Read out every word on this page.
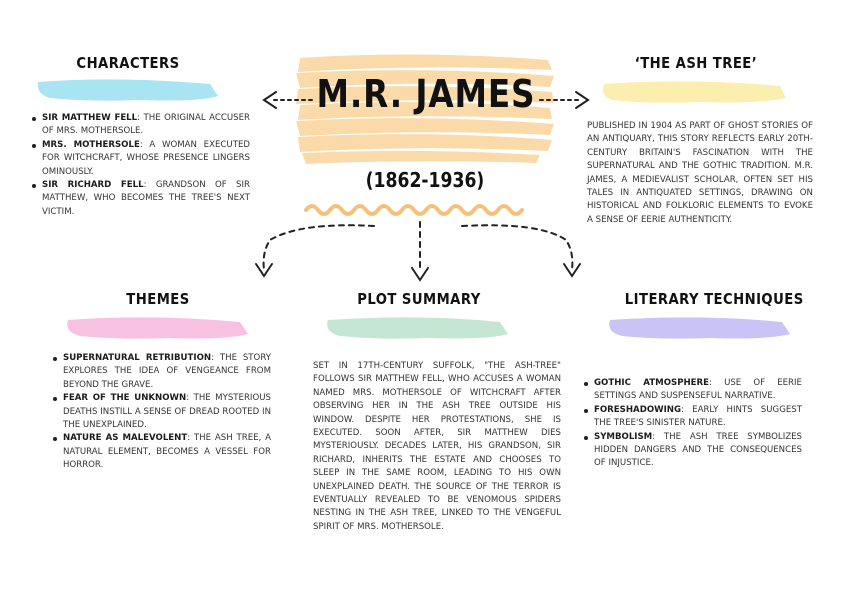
M.R. JAMES
(1862-1936)
CHARACTERS
SIR MATTHEW FELL: THE ORIGINAL ACCUSER OF MRS. MOTHERSOLE.
MRS. MOTHERSOLE: A WOMAN EXECUTED FOR WITCHCRAFT, WHOSE PRESENCE LINGERS OMINOUSLY.
SIR RICHARD FELL: GRANDSON OF SIR MATTHEW, WHO BECOMES THE TREE'S NEXT VICTIM.
‘THE ASH TREE’

PUBLISHED IN 1904 AS PART OF GHOST STORIES OF AN ANTIQUARY, THIS STORY REFLECTS EARLY 20TH-CENTURY BRITAIN'S FASCINATION WITH THE SUPERNATURAL AND THE GOTHIC TRADITION. M.R. JAMES, A MEDIEVALIST SCHOLAR, OFTEN SET HIS TALES IN ANTIQUATED SETTINGS, DRAWING ON HISTORICAL AND FOLKLORIC ELEMENTS TO EVOKE A SENSE OF EERIE AUTHENTICITY.

THEMES
SUPERNATURAL RETRIBUTION: THE STORY EXPLORES THE IDEA OF VENGEANCE FROM BEYOND THE GRAVE.
FEAR OF THE UNKNOWN: THE MYSTERIOUS DEATHS INSTILL A SENSE OF DREAD ROOTED IN THE UNEXPLAINED.
NATURE AS MALEVOLENT: THE ASH TREE, A NATURAL ELEMENT, BECOMES A VESSEL FOR HORROR.
PLOT SUMMARY

SET IN 17TH-CENTURY SUFFOLK, "THE ASH-TREE" FOLLOWS SIR MATTHEW FELL, WHO ACCUSES A WOMAN NAMED MRS. MOTHERSOLE OF WITCHCRAFT AFTER OBSERVING HER IN THE ASH TREE OUTSIDE HIS WINDOW. DESPITE HER PROTESTATIONS, SHE IS EXECUTED. SOON AFTER, SIR MATTHEW DIES MYSTERIOUSLY. DECADES LATER, HIS GRANDSON, SIR RICHARD, INHERITS THE ESTATE AND CHOOSES TO SLEEP IN THE SAME ROOM, LEADING TO HIS OWN UNEXPLAINED DEATH. THE SOURCE OF THE TERROR IS EVENTUALLY REVEALED TO BE VENOMOUS SPIDERS NESTING IN THE ASH TREE, LINKED TO THE VENGEFUL SPIRIT OF MRS. MOTHERSOLE.

LITERARY TECHNIQUES
GOTHIC ATMOSPHERE: USE OF EERIE SETTINGS AND SUSPENSEFUL NARRATIVE.
FORESHADOWING: EARLY HINTS SUGGEST THE TREE'S SINISTER NATURE.
SYMBOLISM: THE ASH TREE SYMBOLIZES HIDDEN DANGERS AND THE CONSEQUENCES OF INJUSTICE.
